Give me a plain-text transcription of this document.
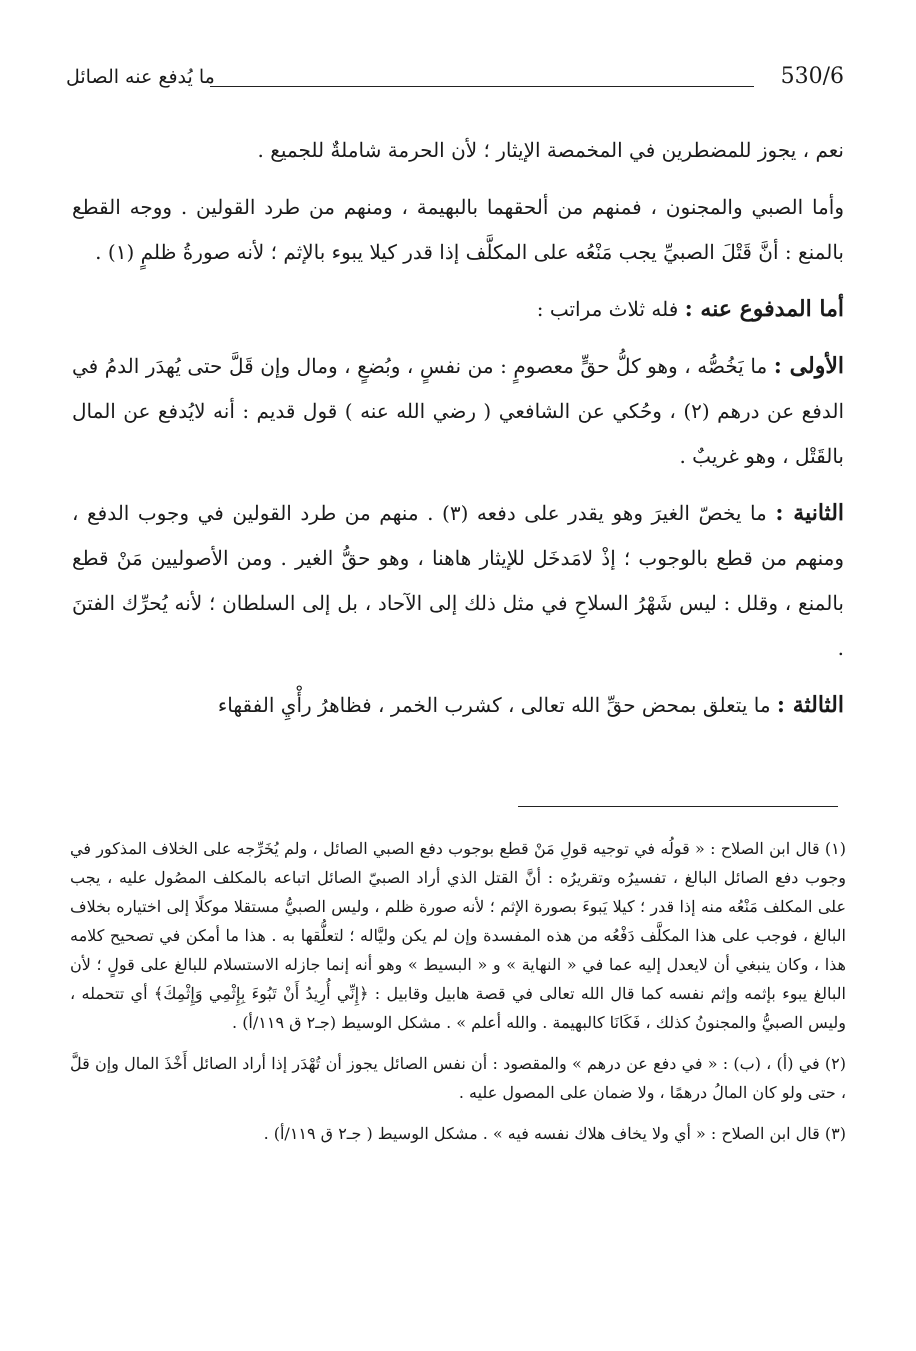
530/6
ما يُدفع عنه الصائل

نعم ، يجوز للمضطرين في المخمصة الإيثار ؛ لأن الحرمة شاملةٌ للجميع .

وأما الصبي والمجنون ، فمنهم من ألحقهما بالبهيمة ، ومنهم من طرد القولين . ووجه القطع بالمنع : أنَّ قَتْلَ الصبيِّ يجب مَنْعُه على المكلَّف إذا قدر كيلا يبوء بالإثم ؛ لأنه صورةُ ظلمٍ (١) .

أما المدفوع عنه : فله ثلاث مراتب :

الأولى : ما يَخُصُّه ، وهو كلُّ حقٍّ معصومٍ : من نفسٍ ، وبُضعٍ ، ومال وإن قَلَّ حتى يُهدَر الدمُ في الدفع عن درهم (٢) ، وحُكي عن الشافعي ( رضي الله عنه ) قول قديم : أنه لايُدفع عن المال بالقَتْل ، وهو غريبٌ .

الثانية : ما يخصّ الغيرَ وهو يقدر على دفعه (٣) . منهم من طرد القولين في وجوب الدفع ، ومنهم من قطع بالوجوب ؛ إذْ لامَدخَل للإيثار هاهنا ، وهو حقُّ الغير . ومن الأصوليين مَنْ قطع بالمنع ، وقلل : ليس شَهْرُ السلاحِ في مثل ذلك إلى الآحاد ، بل إلى السلطان ؛ لأنه يُحرِّك الفتنَ .

الثالثة : ما يتعلق بمحض حقِّ الله تعالى ، كشرب الخمر ، فظاهرُ رأْيِ الفقهاء

(١) قال ابن الصلاح : « قولُه في توجيه قولِ مَنْ قطع بوجوب دفع الصبي الصائل ، ولم يُخَرِّجه على الخلاف المذكور في وجوب دفع الصائل البالغ ، تفسيرُه وتقريرُه : أنَّ القتل الذي أراد الصبيّ الصائل اتباعه بالمكلف المصُول عليه ، يجب على المكلف مَنْعُه منه إذا قدر ؛ كيلا يَبوءَ بصورة الإثم ؛ لأنه صورة ظلم ، وليس الصبيُّ مستقلا موكلًا إلى اختياره بخلاف البالغ ، فوجب على هذا المكلَّف دَفْعُه من هذه المفسدة وإن لم يكن وليَّاله ؛ لتعلُّقها به . هذا ما أمكن في تصحيح كلامه هذا ، وكان ينبغي أن لايعدل إليه عما في « النهاية » و « البسيط » وهو أنه إنما جازله الاستسلام للبالغ على قولٍ ؛ لأن البالغ يبوء بإثمه وإثم نفسه كما قال الله تعالى في قصة هابيل وقابيل : ﴿إِنِّي أُرِيدُ أَنْ تَبُوءَ بِإِثْمِي وَإِثْمِكَ﴾ أي تتحمله ، وليس الصبيُّ والمجنونُ كذلك ، فَكَانَا كالبهيمة . والله أعلم » . مشكل الوسيط (جـ٢ ق ١١٩/أ) .

(٢) في (أ) ، (ب) : « في دفع عن درهم » والمقصود : أن نفس الصائل يجوز أن تُهْدَر إذا أراد الصائل أَخْذَ المال وإن قلَّ ، حتى ولو كان المالُ درهمًا ، ولا ضمان على المصول عليه .

(٣) قال ابن الصلاح : « أي ولا يخاف هلاك نفسه فيه » . مشكل الوسيط ( جـ٢ ق ١١٩/أ) .
